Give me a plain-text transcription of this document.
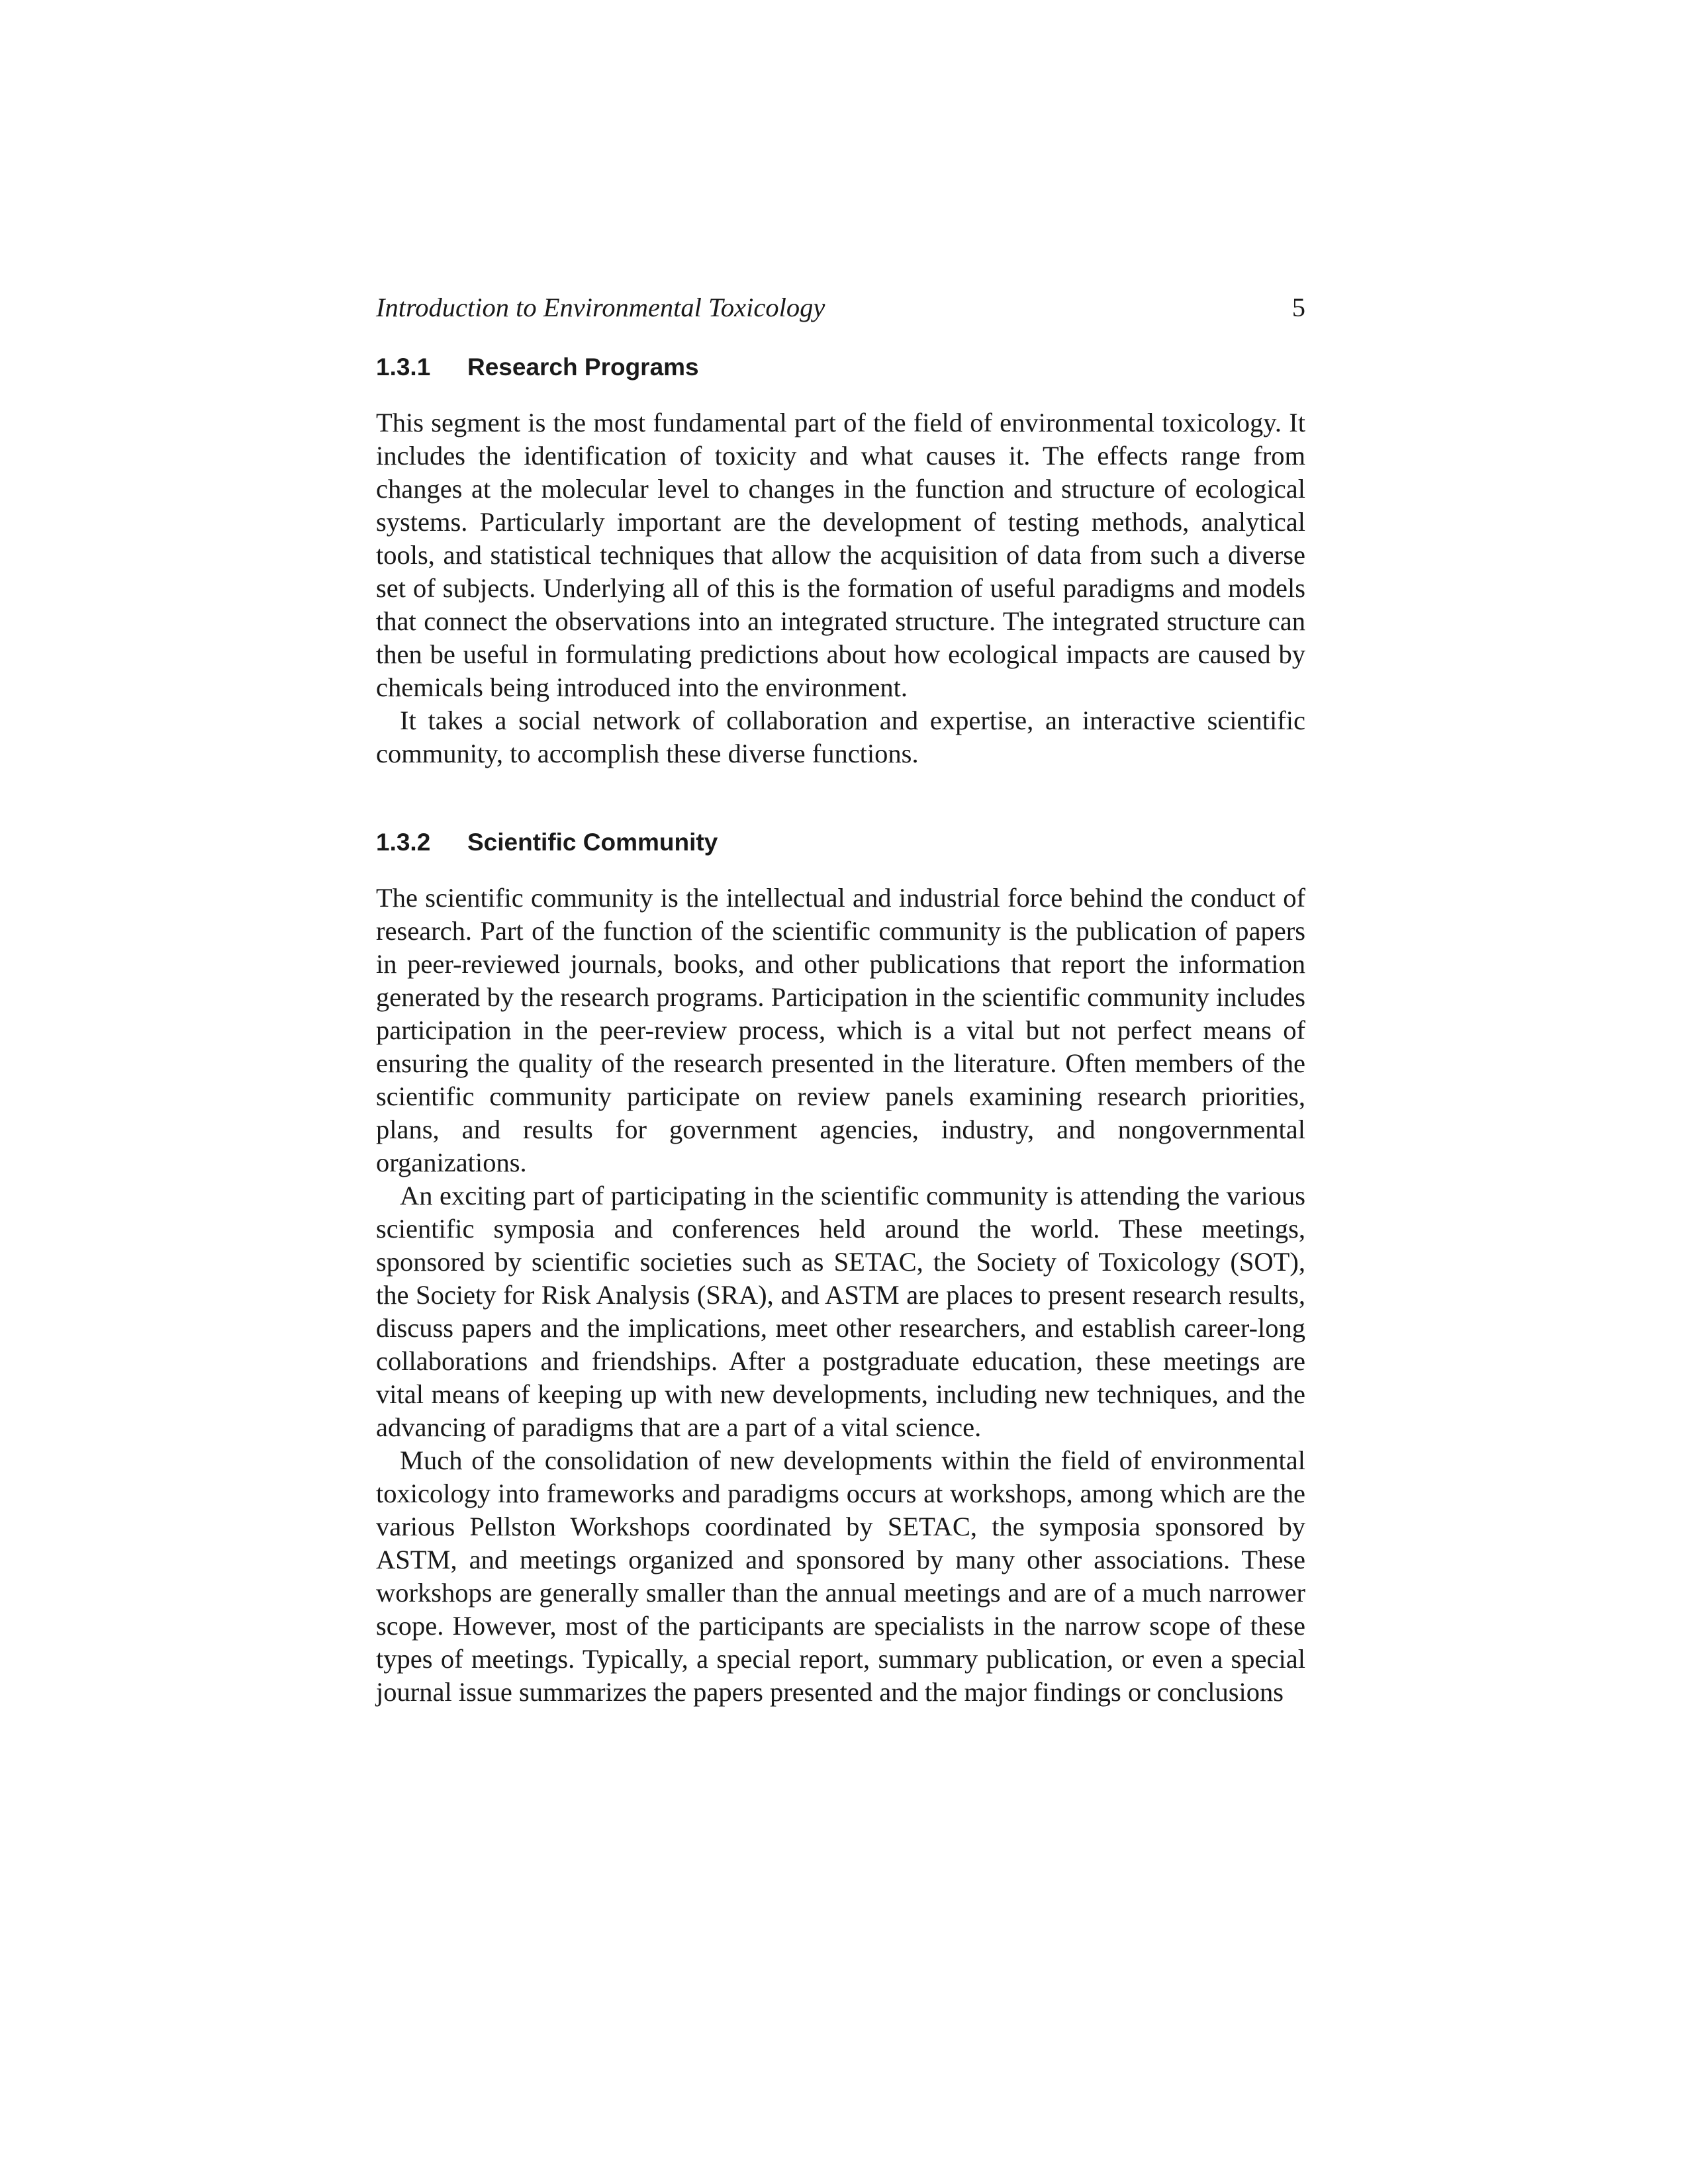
Introduction to Environmental Toxicology	5
1.3.1 Research Programs

This segment is the most fundamental part of the field of environmental toxicology. It includes the identification of toxicity and what causes it. The effects range from changes at the molecular level to changes in the function and structure of ecological systems. Particularly important are the development of testing methods, analytical tools, and statistical techniques that allow the acquisition of data from such a diverse set of subjects. Underlying all of this is the formation of useful paradigms and models that connect the observations into an integrated structure. The integrated structure can then be useful in formulating predictions about how ecological impacts are caused by chemicals being introduced into the environment.

It takes a social network of collaboration and expertise, an interactive scientific community, to accomplish these diverse functions.

1.3.2 Scientific Community

The scientific community is the intellectual and industrial force behind the conduct of research. Part of the function of the scientific community is the publication of papers in peer-reviewed journals, books, and other publications that report the information generated by the research programs. Participation in the scientific community includes participation in the peer-review process, which is a vital but not perfect means of ensuring the quality of the research presented in the literature. Often members of the scientific community participate on review panels examining research priorities, plans, and results for government agencies, industry, and nongovernmental organizations.

An exciting part of participating in the scientific community is attending the various scientific symposia and conferences held around the world. These meetings, sponsored by scientific societies such as SETAC, the Society of Toxicology (SOT), the Society for Risk Analysis (SRA), and ASTM are places to present research results, discuss papers and the implications, meet other researchers, and establish career-long collaborations and friendships. After a postgraduate education, these meetings are vital means of keeping up with new developments, including new techniques, and the advancing of paradigms that are a part of a vital science.

Much of the consolidation of new developments within the field of environmental toxicology into frameworks and paradigms occurs at workshops, among which are the various Pellston Workshops coordinated by SETAC, the symposia sponsored by ASTM, and meetings organized and sponsored by many other associations. These workshops are generally smaller than the annual meetings and are of a much narrower scope. However, most of the participants are specialists in the narrow scope of these types of meetings. Typically, a special report, summary publication, or even a special journal issue summarizes the papers presented and the major findings or conclusions
